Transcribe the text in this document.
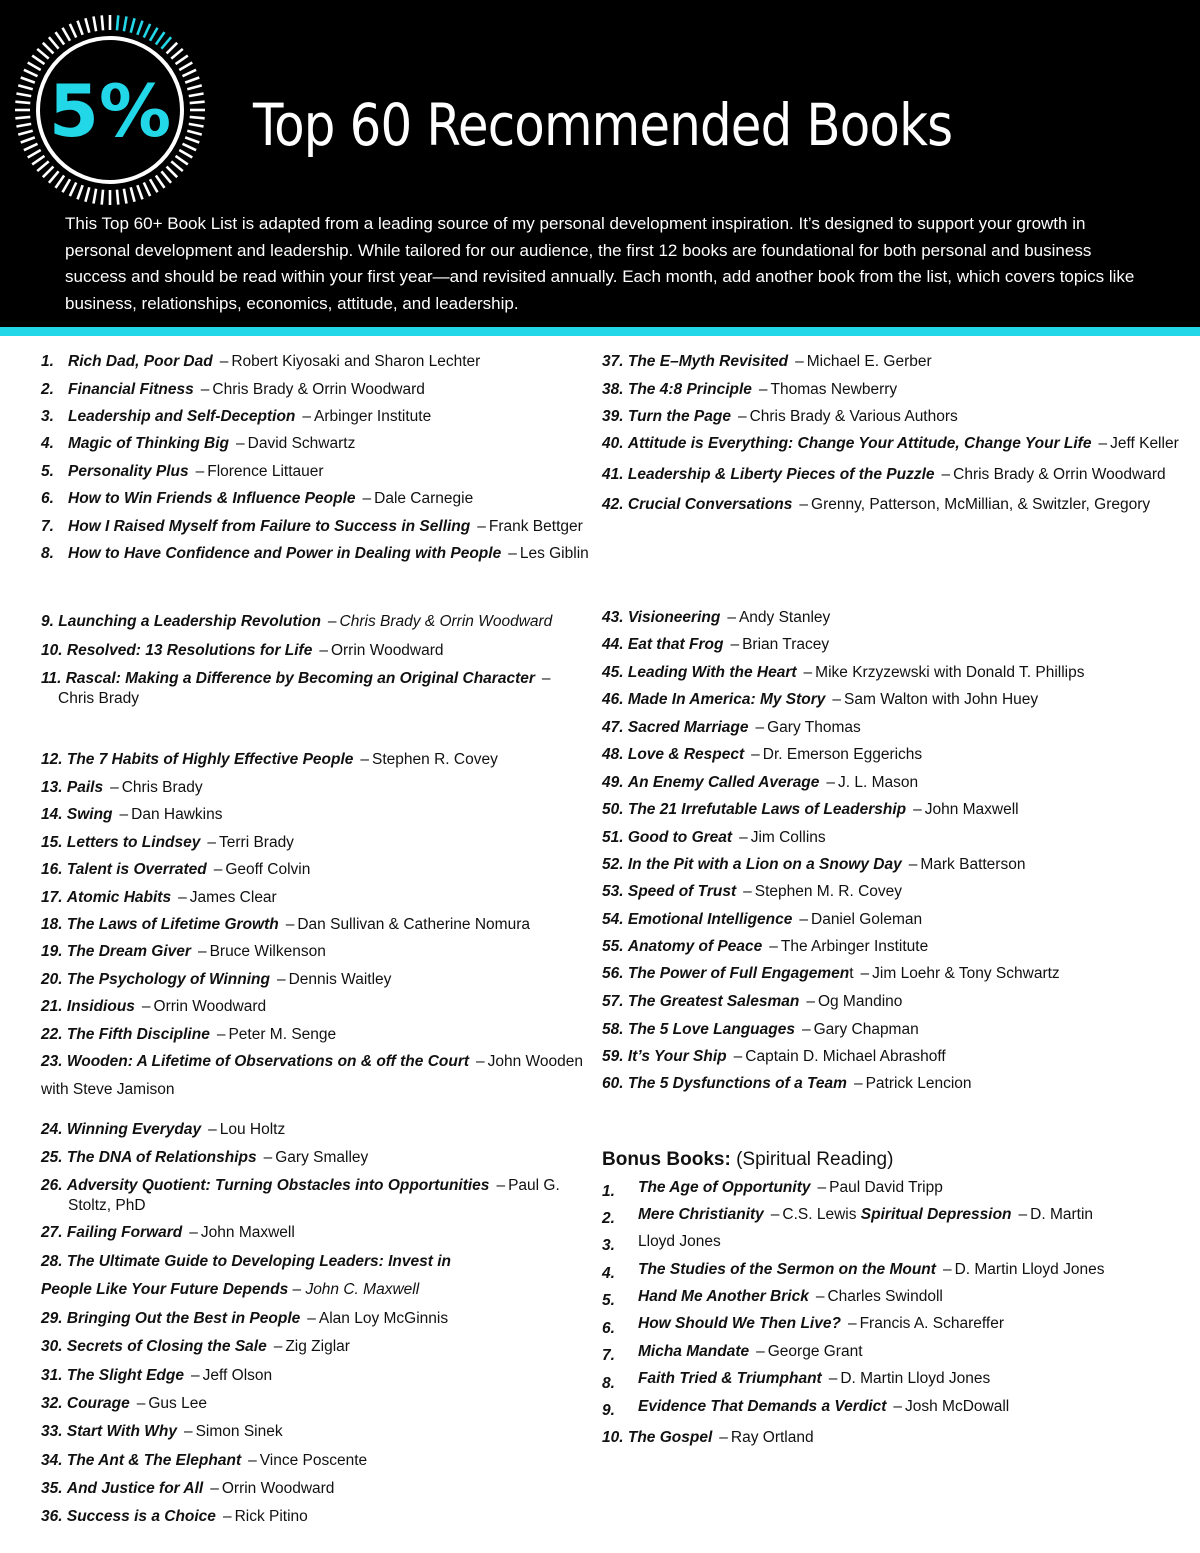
5% Top 60 Recommended Books

This Top 60+ Book List is adapted from a leading source of my personal development inspiration. It’s designed to support your growth in personal development and leadership. While tailored for our audience, the first 12 books are foundational for both personal and business success and should be read within your first year—and revisited annually. Each month, add another book from the list, which covers topics like business, relationships, economics, attitude, and leadership.

1. Rich Dad, Poor Dad – Robert Kiyosaki and Sharon Lechter

2. Financial Fitness – Chris Brady & Orrin Woodward

3. Leadership and Self-Deception – Arbinger Institute

4. Magic of Thinking Big – David Schwartz

5. Personality Plus – Florence Littauer

6. How to Win Friends & Influence People – Dale Carnegie

7. How I Raised Myself from Failure to Success in Selling – Frank Bettger

8. How to Have Confidence and Power in Dealing with People – Les Giblin

9. Launching a Leadership Revolution – Chris Brady & Orrin Woodward

10. Resolved: 13 Resolutions for Life – Orrin Woodward

11. Rascal: Making a Difference by Becoming an Original Character –
Chris Brady

12. The 7 Habits of Highly Effective People – Stephen R. Covey

13. Pails – Chris Brady

14. Swing – Dan Hawkins

15. Letters to Lindsey – Terri Brady

16. Talent is Overrated – Geoff Colvin

17. Atomic Habits – James Clear

18. The Laws of Lifetime Growth – Dan Sullivan & Catherine Nomura

19. The Dream Giver – Bruce Wilkenson

20. The Psychology of Winning – Dennis Waitley

21. Insidious – Orrin Woodward

22. The Fifth Discipline – Peter M. Senge

23. Wooden: A Lifetime of Observations on & off the Court – John Wooden
with Steve Jamison

24. Winning Everyday – Lou Holtz

25. The DNA of Relationships – Gary Smalley

26. Adversity Quotient: Turning Obstacles into Opportunities – Paul G.
Stoltz, PhD

27. Failing Forward – John Maxwell

28. The Ultimate Guide to Developing Leaders: Invest in
People Like Your Future Depends – John C. Maxwell

29. Bringing Out the Best in People – Alan Loy McGinnis

30. Secrets of Closing the Sale – Zig Ziglar

31. The Slight Edge – Jeff Olson

32. Courage – Gus Lee

33. Start With Why – Simon Sinek

34. The Ant & The Elephant – Vince Poscente

35. And Justice for All – Orrin Woodward

36. Success is a Choice – Rick Pitino

37. The E–Myth Revisited – Michael E. Gerber

38. The 4:8 Principle – Thomas Newberry

39. Turn the Page – Chris Brady & Various Authors

40. Attitude is Everything: Change Your Attitude, Change Your Life – Jeff Keller

41. Leadership & Liberty Pieces of the Puzzle – Chris Brady & Orrin Woodward

42. Crucial Conversations – Grenny, Patterson, McMillian, & Switzler, Gregory

43. Visioneering – Andy Stanley

44. Eat that Frog – Brian Tracey

45. Leading With the Heart – Mike Krzyzewski with Donald T. Phillips

46. Made In America: My Story – Sam Walton with John Huey

47. Sacred Marriage – Gary Thomas

48. Love & Respect – Dr. Emerson Eggerichs

49. An Enemy Called Average – J. L. Mason

50. The 21 Irrefutable Laws of Leadership – John Maxwell

51. Good to Great – Jim Collins

52. In the Pit with a Lion on a Snowy Day – Mark Batterson

53. Speed of Trust – Stephen M. R. Covey

54. Emotional Intelligence – Daniel Goleman

55. Anatomy of Peace – The Arbinger Institute

56. The Power of Full Engagement – Jim Loehr & Tony Schwartz

57. The Greatest Salesman – Og Mandino

58. The 5 Love Languages – Gary Chapman

59. It’s Your Ship – Captain D. Michael Abrashoff

60. The 5 Dysfunctions of a Team – Patrick Lencion

Bonus Books: (Spiritual Reading)
1.
2.
3.
4.
5.
6.
7.
8.
9.

The Age of Opportunity – Paul David Tripp

Mere Christianity – C.S. Lewis Spiritual Depression – D. Martin

Lloyd Jones

The Studies of the Sermon on the Mount – D. Martin Lloyd Jones

Hand Me Another Brick – Charles Swindoll

How Should We Then Live? – Francis A. Schareffer

Micha Mandate – George Grant

Faith Tried & Triumphant – D. Martin Lloyd Jones

Evidence That Demands a Verdict – Josh McDowall

10. The Gospel – Ray Ortland
